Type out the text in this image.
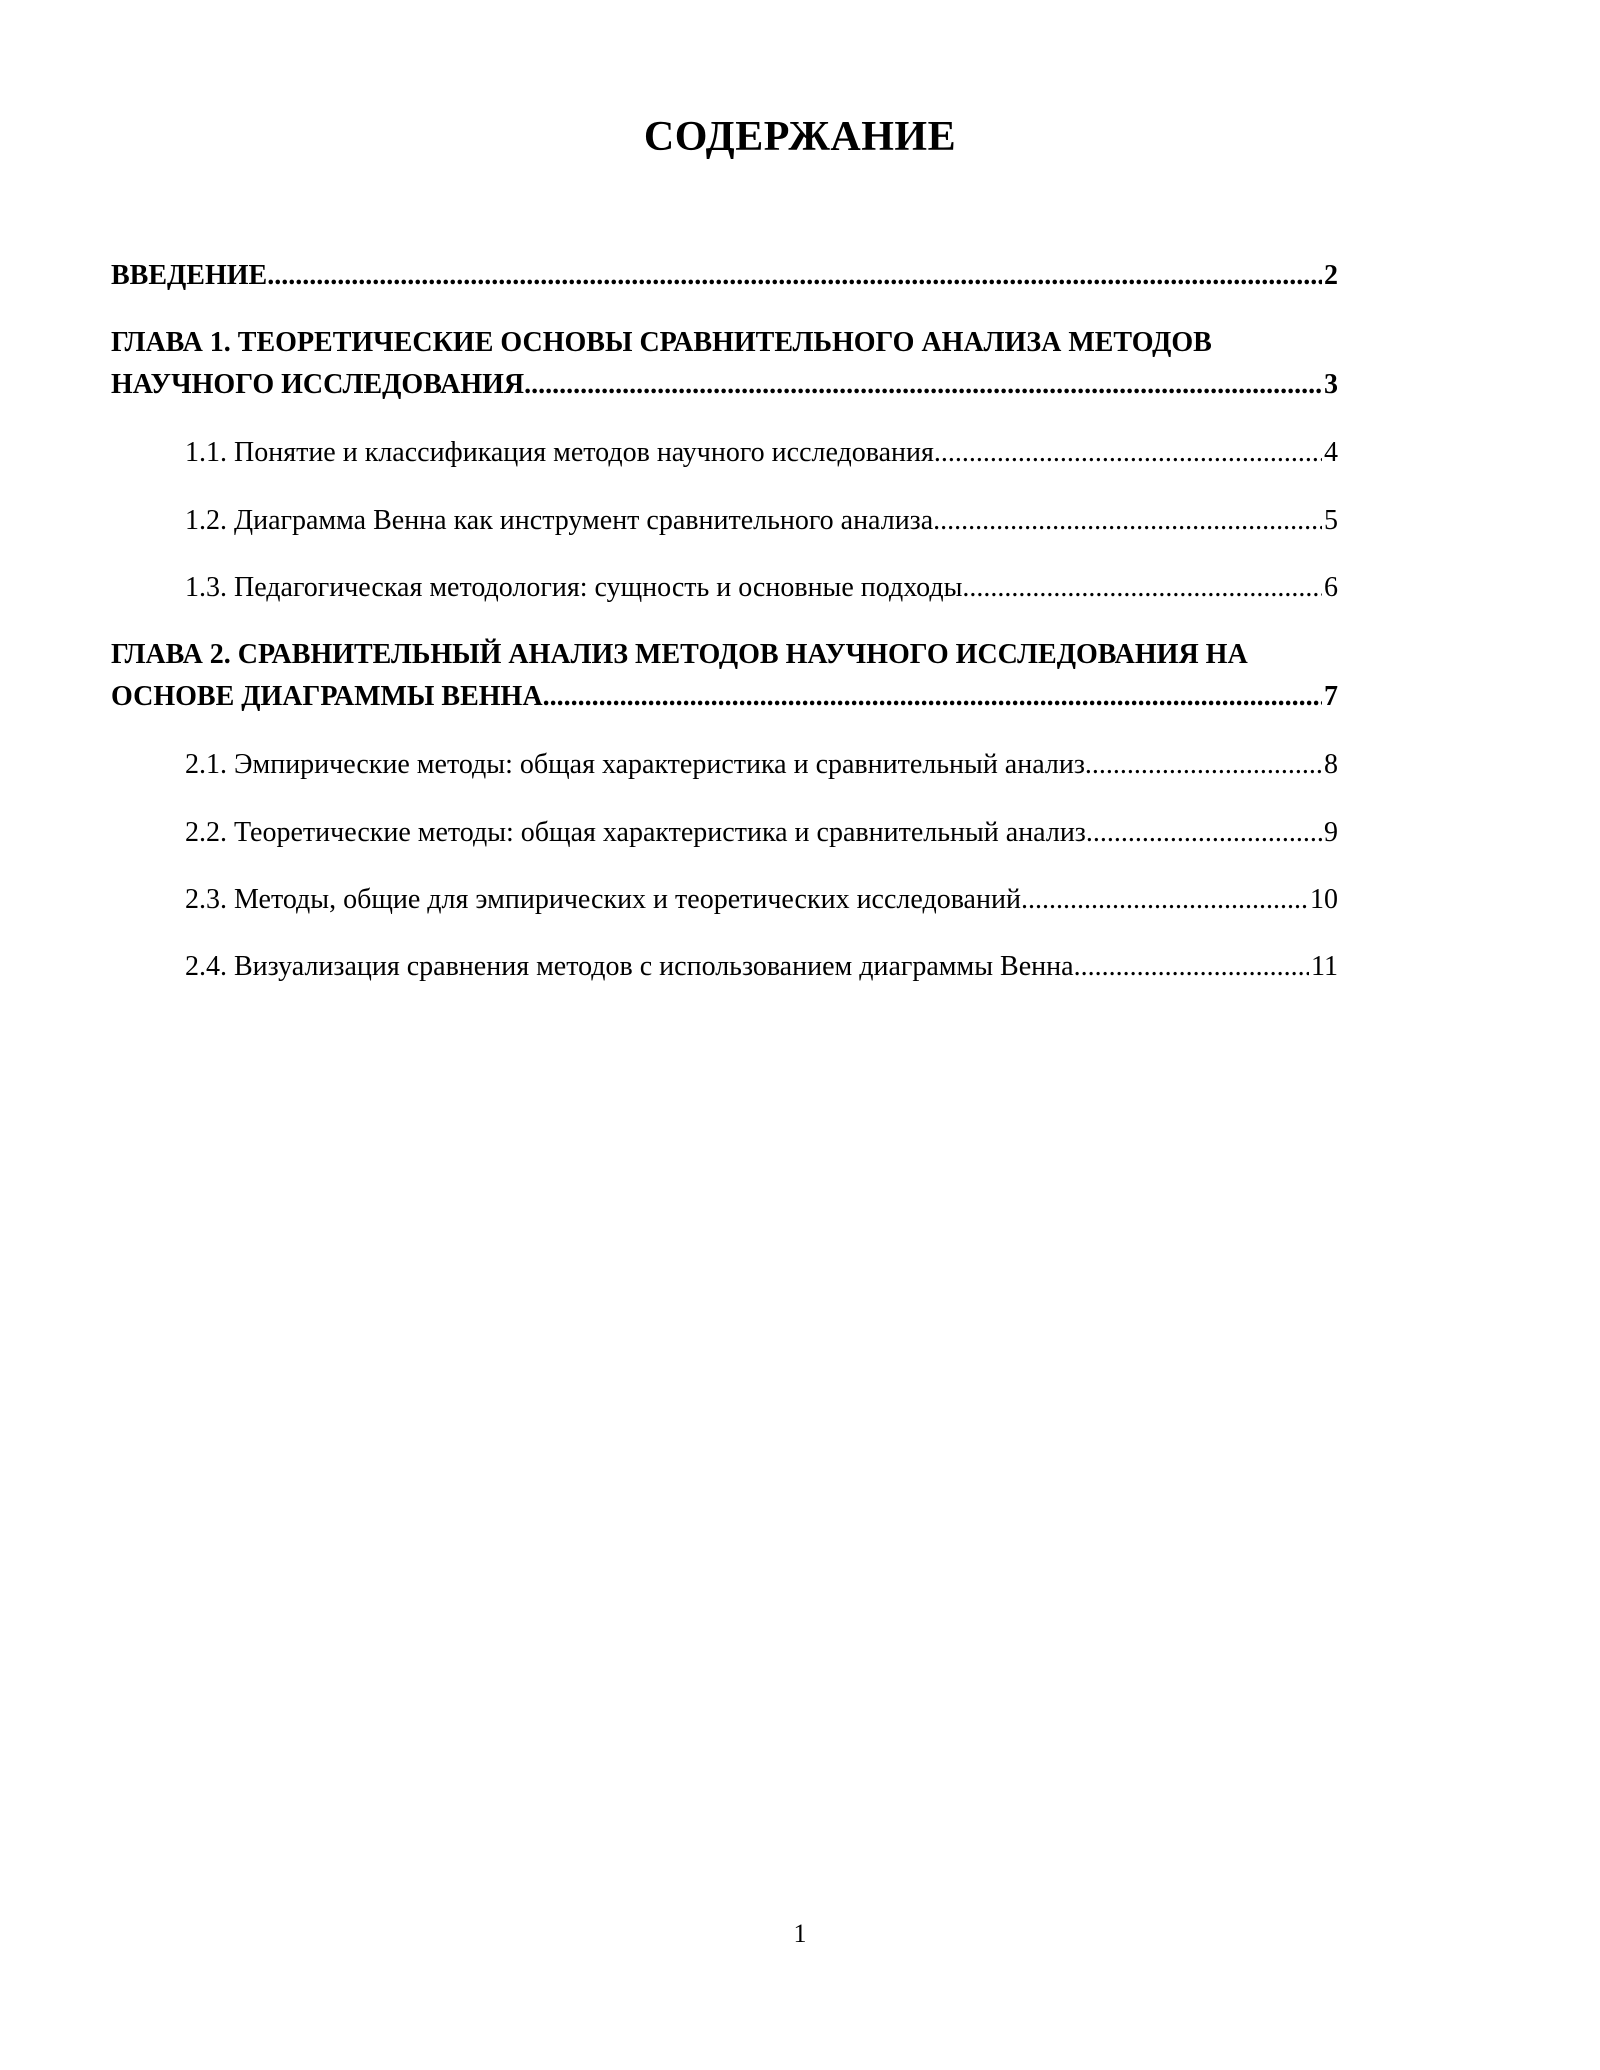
СОДЕРЖАНИЕ
ВВЕДЕНИЕ .....	2
ГЛАВА 1. ТЕОРЕТИЧЕСКИЕ ОСНОВЫ СРАВНИТЕЛЬНОГО АНАЛИЗА МЕТОДОВ
НАУЧНОГО ИССЛЕДОВАНИЯ .....	3
1.1. Понятие и классификация методов научного исследования .....	4
1.2. Диаграмма Венна как инструмент сравнительного анализа .....	5
1.3. Педагогическая методология: сущность и основные подходы .....	6
ГЛАВА 2. СРАВНИТЕЛЬНЫЙ АНАЛИЗ МЕТОДОВ НАУЧНОГО ИССЛЕДОВАНИЯ НА
ОСНОВЕ ДИАГРАММЫ ВЕННА .....	7
2.1. Эмпирические методы: общая характеристика и сравнительный анализ .....	8
2.2. Теоретические методы: общая характеристика и сравнительный анализ .....	9
2.3. Методы, общие для эмпирических и теоретических исследований .....	10
2.4. Визуализация сравнения методов с использованием диаграммы Венна .....	11
1
